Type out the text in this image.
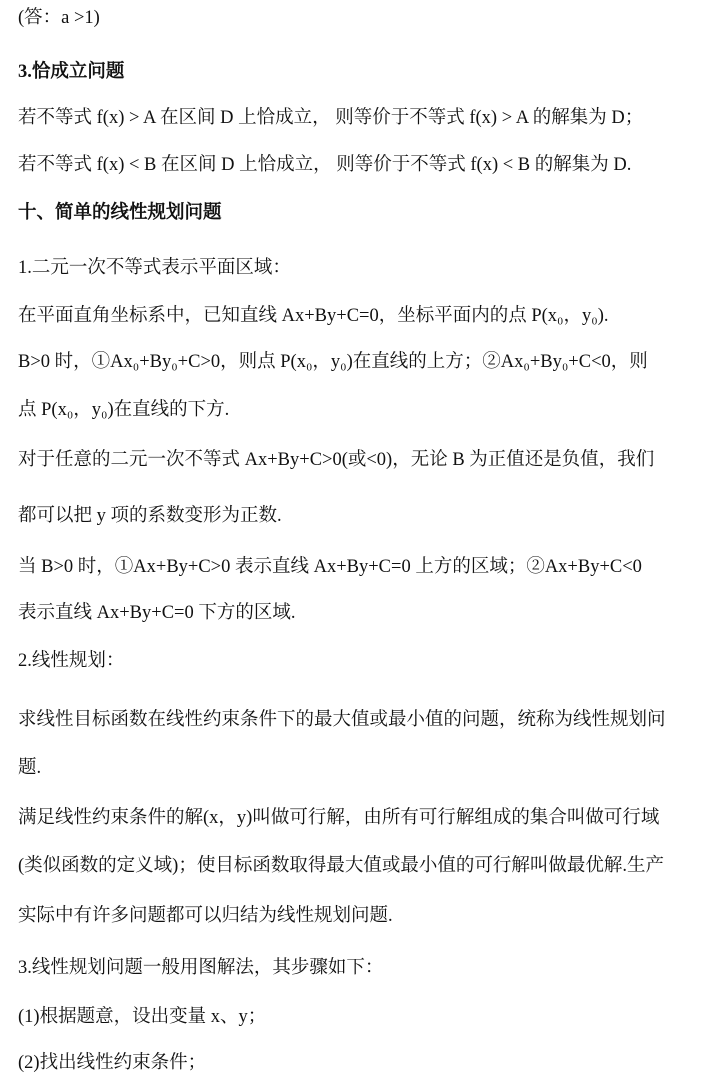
(答：a >1)
3.恰成立问题
若不等式 f(x) > A 在区间 D 上恰成立， 则等价于不等式 f(x) > A 的解集为 D；
若不等式 f(x) < B 在区间 D 上恰成立， 则等价于不等式 f(x) < B 的解集为 D.
十、简单的线性规划问题
1.二元一次不等式表示平面区域：
在平面直角坐标系中，已知直线 Ax+By+C=0，坐标平面内的点 P(x₀，y₀).
B>0 时，①Ax₀+By₀+C>0，则点 P(x₀，y₀)在直线的上方；②Ax₀+By₀+C<0，则
点 P(x₀，y₀)在直线的下方.
对于任意的二元一次不等式 Ax+By+C>0(或<0)，无论 B 为正值还是负值，我们
都可以把 y 项的系数变形为正数.
当 B>0 时，①Ax+By+C>0 表示直线 Ax+By+C=0 上方的区域；②Ax+By+C<0
表示直线 Ax+By+C=0 下方的区域.
2.线性规划：
求线性目标函数在线性约束条件下的最大值或最小值的问题，统称为线性规划问
题.
满足线性约束条件的解(x，y)叫做可行解，由所有可行解组成的集合叫做可行域
(类似函数的定义域)；使目标函数取得最大值或最小值的可行解叫做最优解.生产
实际中有许多问题都可以归结为线性规划问题.
3.线性规划问题一般用图解法，其步骤如下：
(1)根据题意，设出变量 x、y；
(2)找出线性约束条件；
